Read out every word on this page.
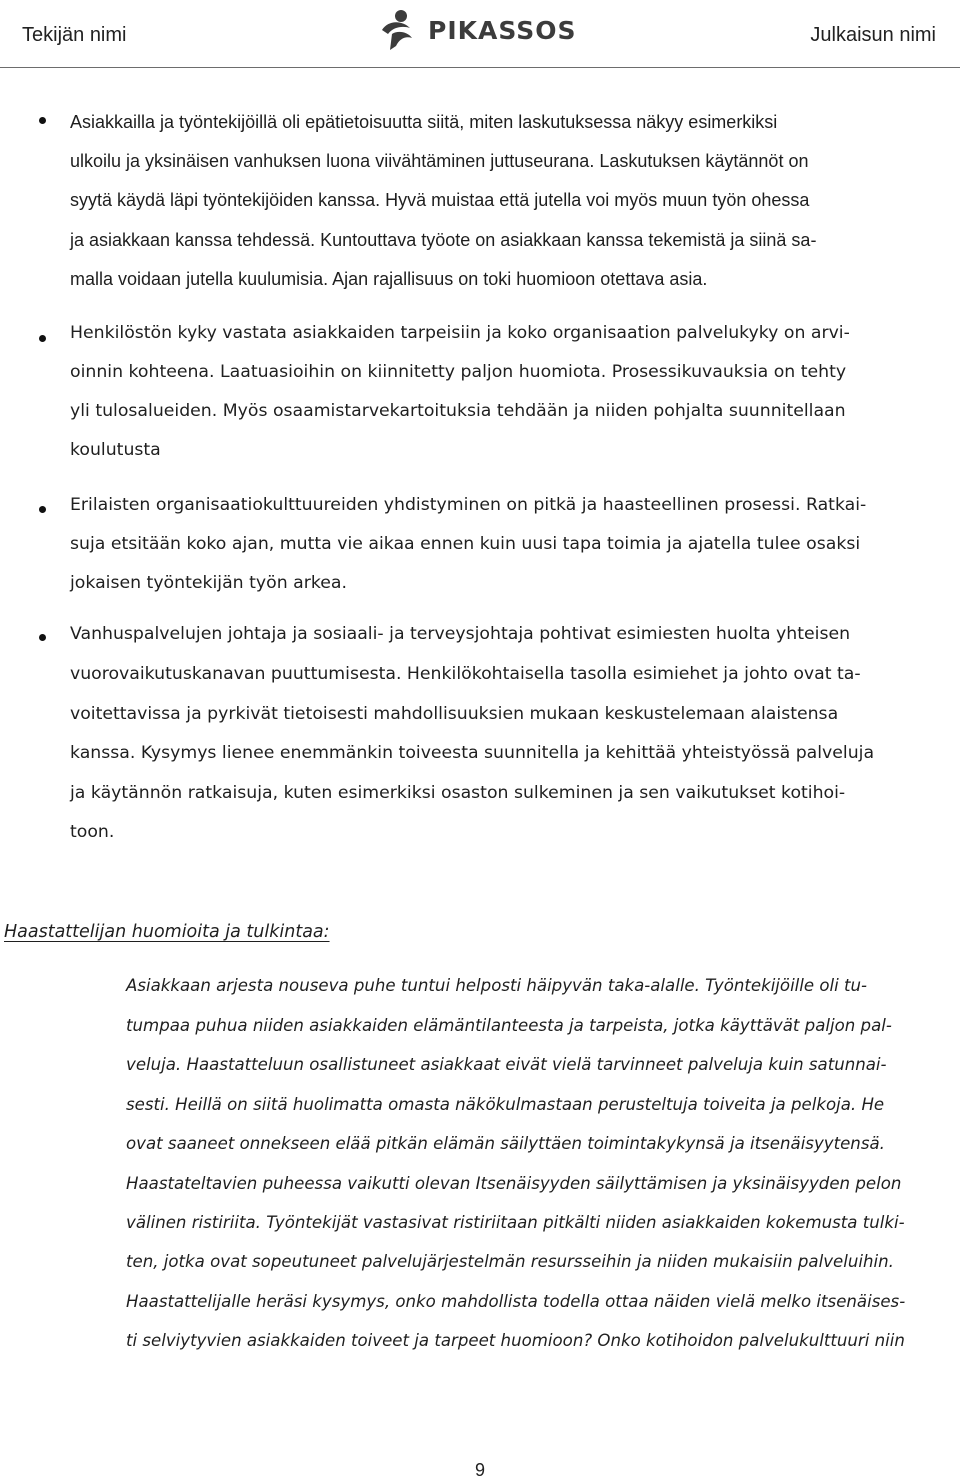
Tekijän nimi	PIKASSOS	Julkaisun nimi
Asiakkailla ja työntekijöillä oli epätietoisuutta siitä, miten laskutuksessa näkyy esimerkiksi
ulkoilu ja yksinäisen vanhuksen luona viivähtäminen juttuseurana. Laskutuksen käytännöt on
syytä käydä läpi työntekijöiden kanssa. Hyvä muistaa että jutella voi myös muun työn ohessa
ja asiakkaan kanssa tehdessä. Kuntouttava työote on asiakkaan kanssa tekemistä ja siinä sa-
malla voidaan jutella kuulumisia. Ajan rajallisuus on toki huomioon otettava asia.
Henkilöstön kyky vastata asiakkaiden tarpeisiin ja koko organisaation palvelukyky on arvi-
oinnin kohteena. Laatuasioihin on kiinnitetty paljon huomiota. Prosessikuvauksia on tehty
yli tulosalueiden. Myös osaamistarvekartoituksia tehdään ja niiden pohjalta suunnitellaan
koulutusta
Erilaisten organisaatiokulttuureiden yhdistyminen on pitkä ja haasteellinen prosessi. Ratkai-
suja etsitään koko ajan, mutta vie aikaa ennen kuin uusi tapa toimia ja ajatella tulee osaksi
jokaisen työntekijän työn arkea.
Vanhuspalvelujen johtaja ja sosiaali- ja terveysjohtaja pohtivat esimiesten huolta yhteisen
vuorovaikutuskanavan puuttumisesta. Henkilökohtaisella tasolla esimiehet ja johto ovat ta-
voitettavissa ja pyrkivät tietoisesti mahdollisuuksien mukaan keskustelemaan alaistensa
kanssa. Kysymys lienee enemmänkin toiveesta suunnitella ja kehittää yhteistyössä palveluja
ja käytännön ratkaisuja, kuten esimerkiksi osaston sulkeminen ja sen vaikutukset kotihoi-
toon.
Haastattelijan huomioita ja tulkintaa:
Asiakkaan arjesta nouseva puhe tuntui helposti häipyvän taka-alalle. Työntekijöille oli tu-
tumpaa puhua niiden asiakkaiden elämäntilanteesta ja tarpeista, jotka käyttävät paljon pal-
veluja. Haastatteluun osallistuneet asiakkaat eivät vielä tarvinneet palveluja kuin satunnai-
sesti. Heillä on siitä huolimatta omasta näkökulmastaan perusteltuja toiveita ja pelkoja. He
ovat saaneet onnekseen elää pitkän elämän säilyttäen toimintakykynsä ja itsenäisyytensä.
Haastateltavien puheessa vaikutti olevan Itsenäisyyden säilyttämisen ja yksinäisyyden pelon
välinen ristiriita. Työntekijät vastasivat ristiriitaan pitkälti niiden asiakkaiden kokemusta tulki-
ten, jotka ovat sopeutuneet palvelujärjestelmän resursseihin ja niiden mukaisiin palveluihin.
Haastattelijalle heräsi kysymys, onko mahdollista todella ottaa näiden vielä melko itsenäises-
ti selviytyvien asiakkaiden toiveet ja tarpeet huomioon? Onko kotihoidon palvelukulttuuri niin
9
